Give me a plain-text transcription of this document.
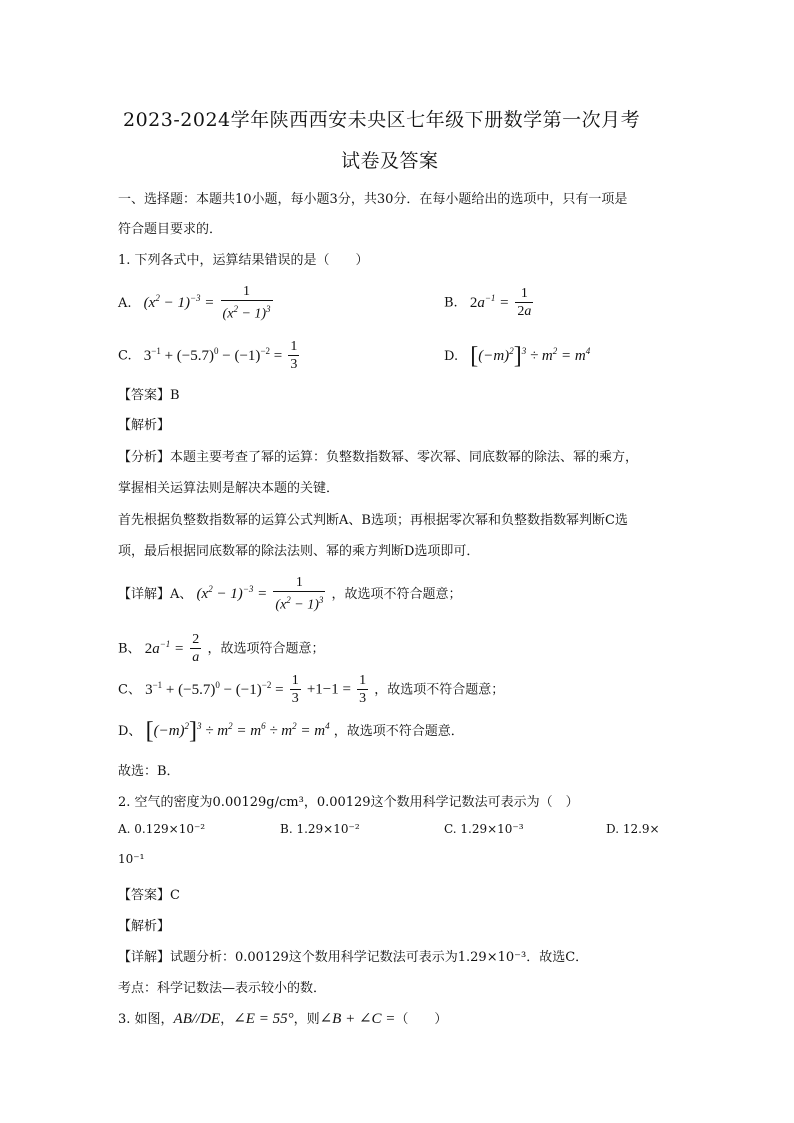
2023-2024学年陕西西安未央区七年级下册数学第一次月考
试卷及答案
一、选择题：本题共10小题，每小题3分，共30分．在每小题给出的选项中，只有一项是
符合题目要求的．
1. 下列各式中，运算结果错误的是（　　）
A. $(x^2 - 1)^{-3} = \frac{1}{(x^2 - 1)^3}$	B. $2a^{-1} = \frac{1}{2a}$
C. $3^{-1} + (-5.7)^0 - (-1)^{-2} = \frac{1}{3}$	D. $[(-m)^2]^3 \div m^2 = m^4$
【答案】B
【解析】
【分析】本题主要考查了幂的运算：负整数指数幂、零次幂、同底数幂的除法、幂的乘方，
掌握相关运算法则是解决本题的关键．
首先根据负整数指数幂的运算公式判断A、B选项；再根据零次幂和负整数指数幂判断C选
项，最后根据同底数幂的除法法则、幂的乘方判断D选项即可．
【详解】A、 $(x^2 - 1)^{-3} = \frac{1}{(x^2 - 1)^3}$ ，故选项不符合题意；
B、 $2a^{-1} = \frac{2}{a}$ ，故选项符合题意；
C、 $3^{-1} + (-5.7)^0 - (-1)^{-2} = \frac{1}{3} +1-1 = \frac{1}{3}$ ，故选项不符合题意；
D、 $[(-m)^2]^3 \div m^2 = m^6 \div m^2 = m^4$ ，故选项不符合题意．
故选：B．
2. 空气的密度为0.00129g/cm³，0.00129这个数用科学记数法可表示为（　）
A. 0.129×10⁻²	B. 1.29×10⁻²	C. 1.29×10⁻³	D. 12.9×
10⁻¹
【答案】C
【解析】
【详解】试题分析：0.00129这个数用科学记数法可表示为1.29×10⁻³．故选C．
考点：科学记数法—表示较小的数．
3. 如图，AB//DE，∠E = 55°，则∠B + ∠C =（　　）
